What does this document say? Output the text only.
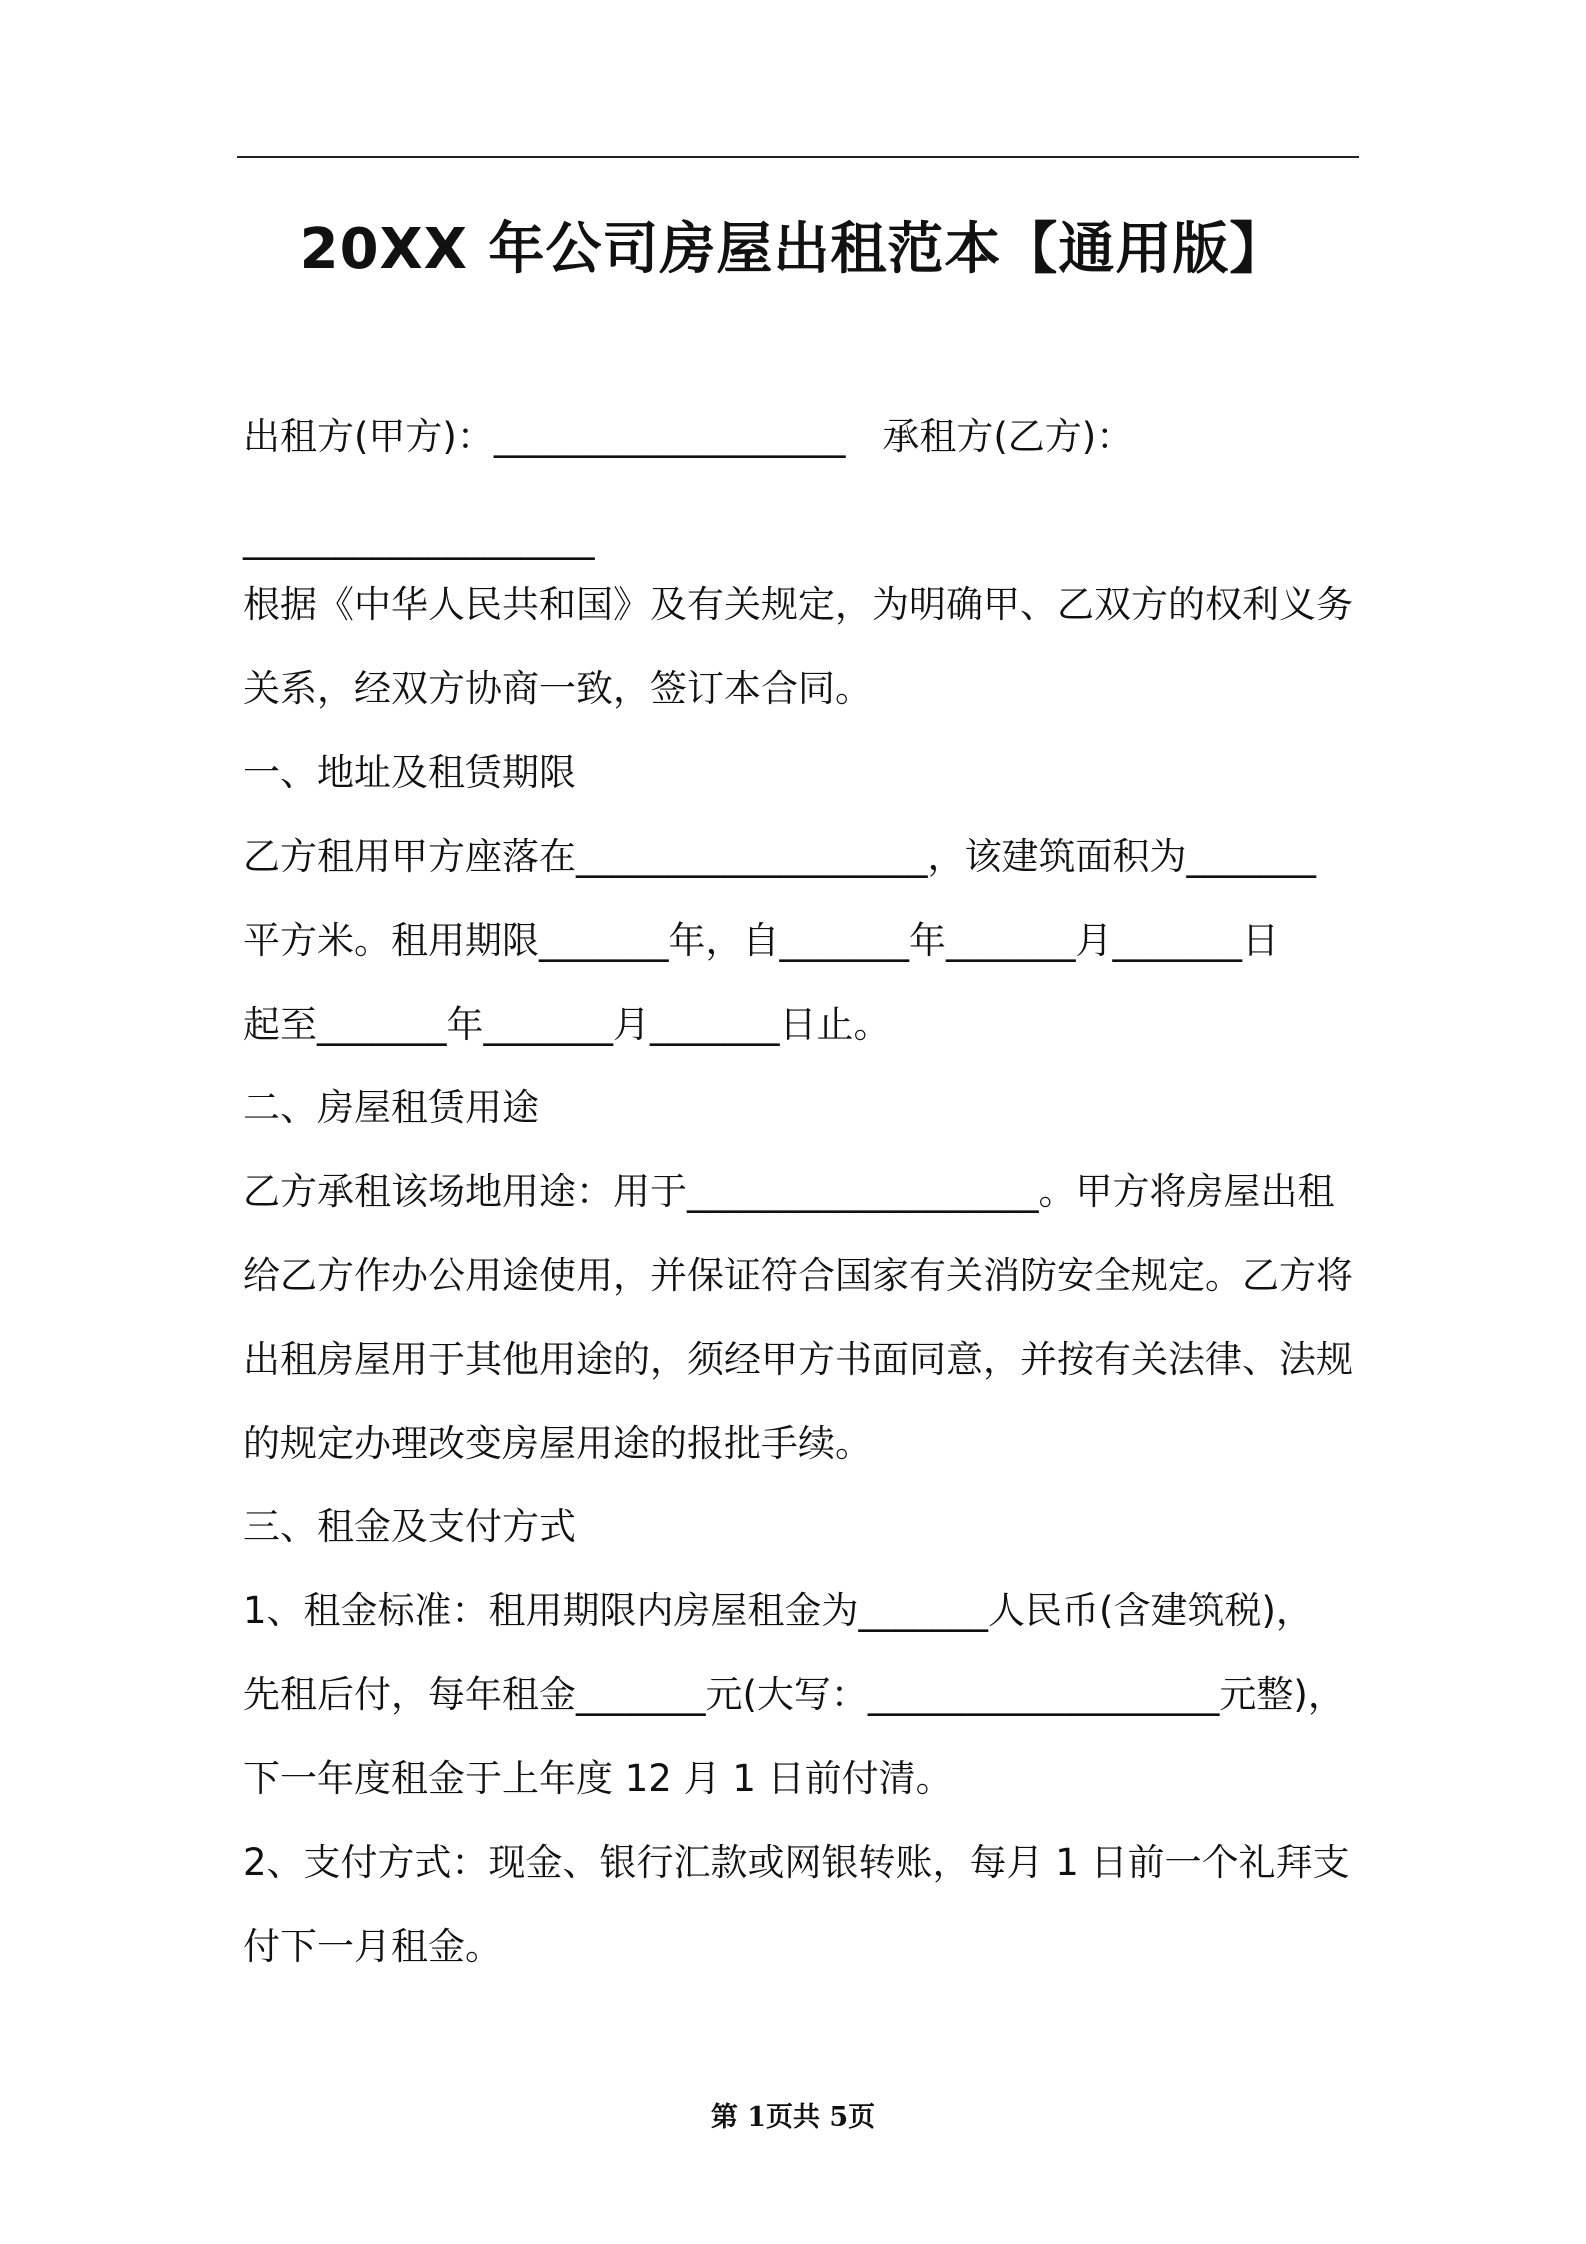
20XX 年公司房屋出租范本【通用版】
出租方(甲方)：___________________　承租方(乙方)：
___________________
根据《中华人民共和国》及有关规定，为明确甲、乙双方的权利义务
关系，经双方协商一致，签订本合同。
一、地址及租赁期限
乙方租用甲方座落在___________________，该建筑面积为_______
平方米。租用期限_______年，自_______年_______月_______日
起至_______年_______月_______日止。
二、房屋租赁用途
乙方承租该场地用途：用于___________________。甲方将房屋出租
给乙方作办公用途使用，并保证符合国家有关消防安全规定。乙方将
出租房屋用于其他用途的，须经甲方书面同意，并按有关法律、法规
的规定办理改变房屋用途的报批手续。
三、租金及支付方式
1、租金标准：租用期限内房屋租金为_______人民币(含建筑税)，
先租后付，每年租金_______元(大写：___________________元整)，
下一年度租金于上年度 12 月 1 日前付清。
2、支付方式：现金、银行汇款或网银转账，每月 1 日前一个礼拜支
付下一月租金。
第 1页共 5页
